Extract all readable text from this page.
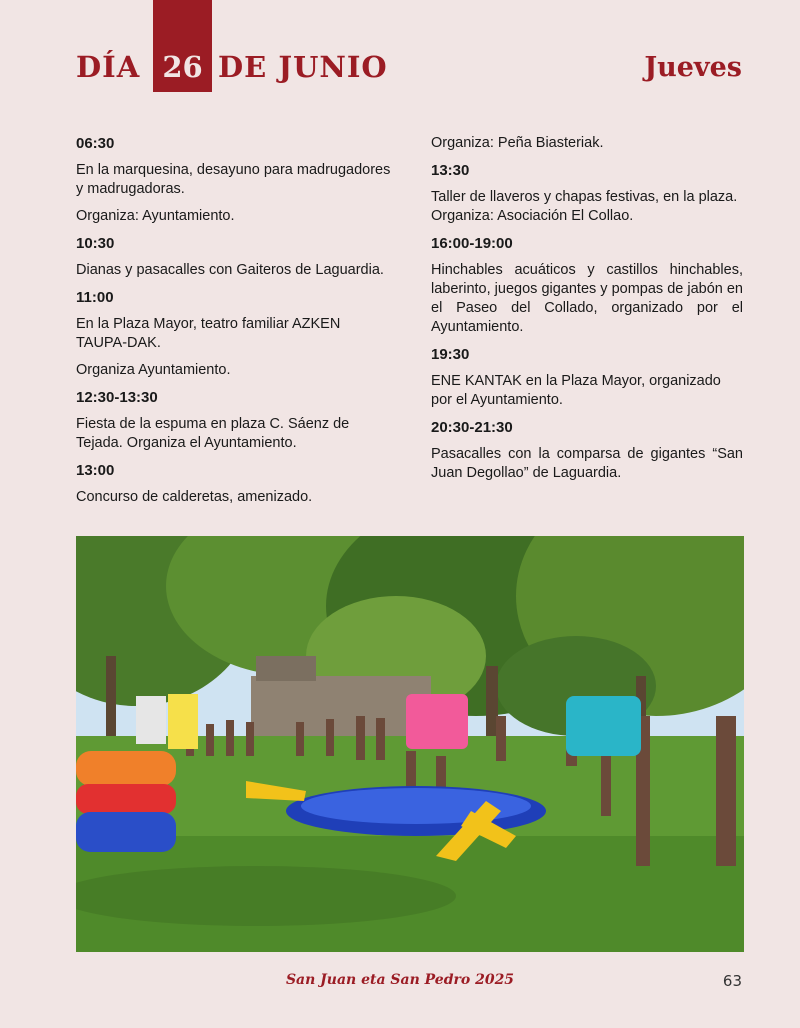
DÍA 26 DE JUNIO	Jueves

06:30

En la marquesina, desayuno para madrugadores y madrugadoras.

Organiza: Ayuntamiento.

10:30

Dianas y pasacalles con Gaiteros de Laguardia.

11:00

En la Plaza Mayor, teatro familiar AZKEN TAUPA-DAK.

Organiza Ayuntamiento.

12:30-13:30

Fiesta de la espuma en plaza C. Sáenz de Tejada. Organiza el Ayuntamiento.

13:00

Concurso de calderetas, amenizado.

Organiza: Peña Biasteriak.

13:30

Taller de llaveros y chapas festivas, en la plaza. Organiza: Asociación El Collao.

16:00-19:00

Hinchables acuáticos y castillos hinchables, laberinto, juegos gigantes y pompas de jabón en el Paseo del Collado, organizado por el Ayuntamiento.

19:30

ENE KANTAK en la Plaza Mayor, organizado por el Ayuntamiento.

20:30-21:30

Pasacalles con la comparsa de gigantes “San Juan Degollao” de Laguardia.

San Juan eta San Pedro 2025	63
